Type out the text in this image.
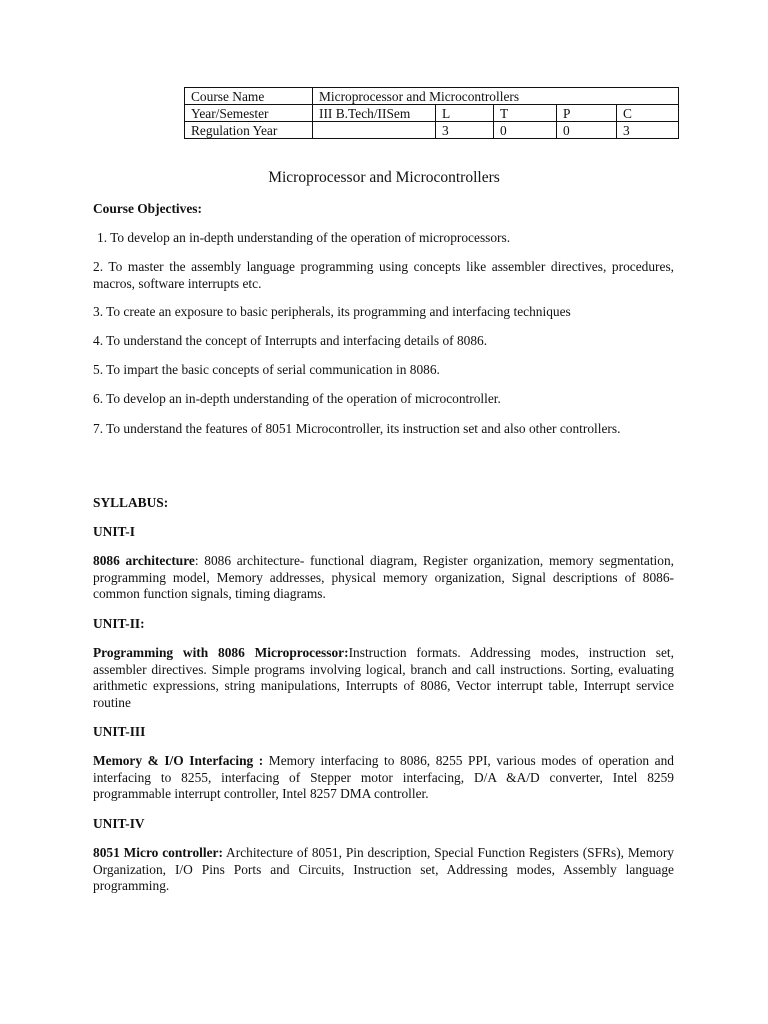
Course Name	Microprocessor and Microcontrollers				
Year/Semester	III B.Tech/IISem	L	T	P	C
Regulation Year		3	0	0	3
Microprocessor and Microcontrollers

Course Objectives:

1. To develop an in-depth understanding of the operation of microprocessors.

2. To master the assembly language programming using concepts like assembler directives, procedures, macros, software interrupts etc.

3. To create an exposure to basic peripherals, its programming and interfacing techniques

4. To understand the concept of Interrupts and interfacing details of 8086.

5. To impart the basic concepts of serial communication in 8086.

6. To develop an in-depth understanding of the operation of microcontroller.

7. To understand the features of 8051 Microcontroller, its instruction set and also other controllers.

SYLLABUS:

UNIT-I

8086 architecture: 8086 architecture- functional diagram, Register organization, memory segmentation, programming model, Memory addresses, physical memory organization, Signal descriptions of 8086-common function signals, timing diagrams.

UNIT-II:

Programming with 8086 Microprocessor:Instruction formats. Addressing modes, instruction set, assembler directives. Simple programs involving logical, branch and call instructions. Sorting, evaluating arithmetic expressions, string manipulations, Interrupts of 8086, Vector interrupt table, Interrupt service routine

UNIT-III

Memory & I/O Interfacing : Memory interfacing to 8086, 8255 PPI, various modes of operation and interfacing to 8255, interfacing of Stepper motor interfacing, D/A &A/D converter, Intel 8259 programmable interrupt controller, Intel 8257 DMA controller.

UNIT-IV

8051 Micro controller: Architecture of 8051, Pin description, Special Function Registers (SFRs), Memory Organization, I/O Pins Ports and Circuits, Instruction set, Addressing modes, Assembly language programming.
